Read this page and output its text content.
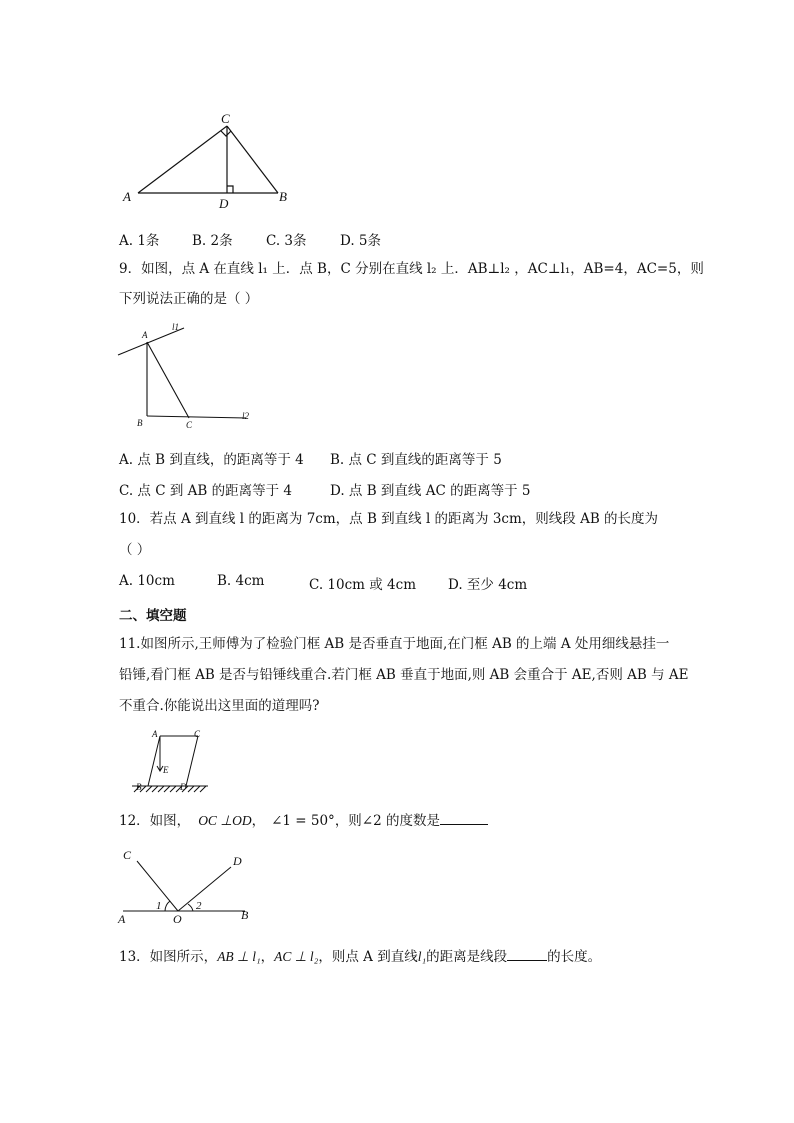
A	B
C
D
A. 1条 B. 2条 C. 3条 D. 5条
9．如图，点 A 在直线 l₁ 上．点 B，C 分别在直线 l₂ 上．AB⊥l₂ ，AC⊥l₁，AB=4，AC=5，则
下列说法正确的是（ ）
A
l1
B	C
l2
A. 点 B 到直线，的距离等于 4 B. 点 C 到直线的距离等于 5
C. 点 C 到 AB 的距离等于 4	D. 点 B 到直线 AC 的距离等于 5
10．若点 A 到直线 l 的距离为 7cm，点 B 到直线 l 的距离为 3cm，则线段 AB 的长度为
（ ）
A. 10cm	B. 4cm	C. 10cm 或 4cm D. 至少 4cm
二、填空题
11.如图所示,王师傅为了检验门框 AB 是否垂直于地面,在门框 AB 的上端 A 处用细线悬挂一
铅锤,看门框 AB 是否与铅锤线重合.若门框 AB 垂直于地面,则 AB 会重合于 AE,否则 AB 与 AE
不重合.你能说出这里面的道理吗?
A	C
E
B	D
12．如图， OC ⊥OD， ∠1 = 50°，则∠2 的度数是
C	D
A	O	B
1	2
13．如图所示，AB ⊥ l₁，AC ⊥ l₂，则点 A 到直线l₁的距离是线段	的长度。
